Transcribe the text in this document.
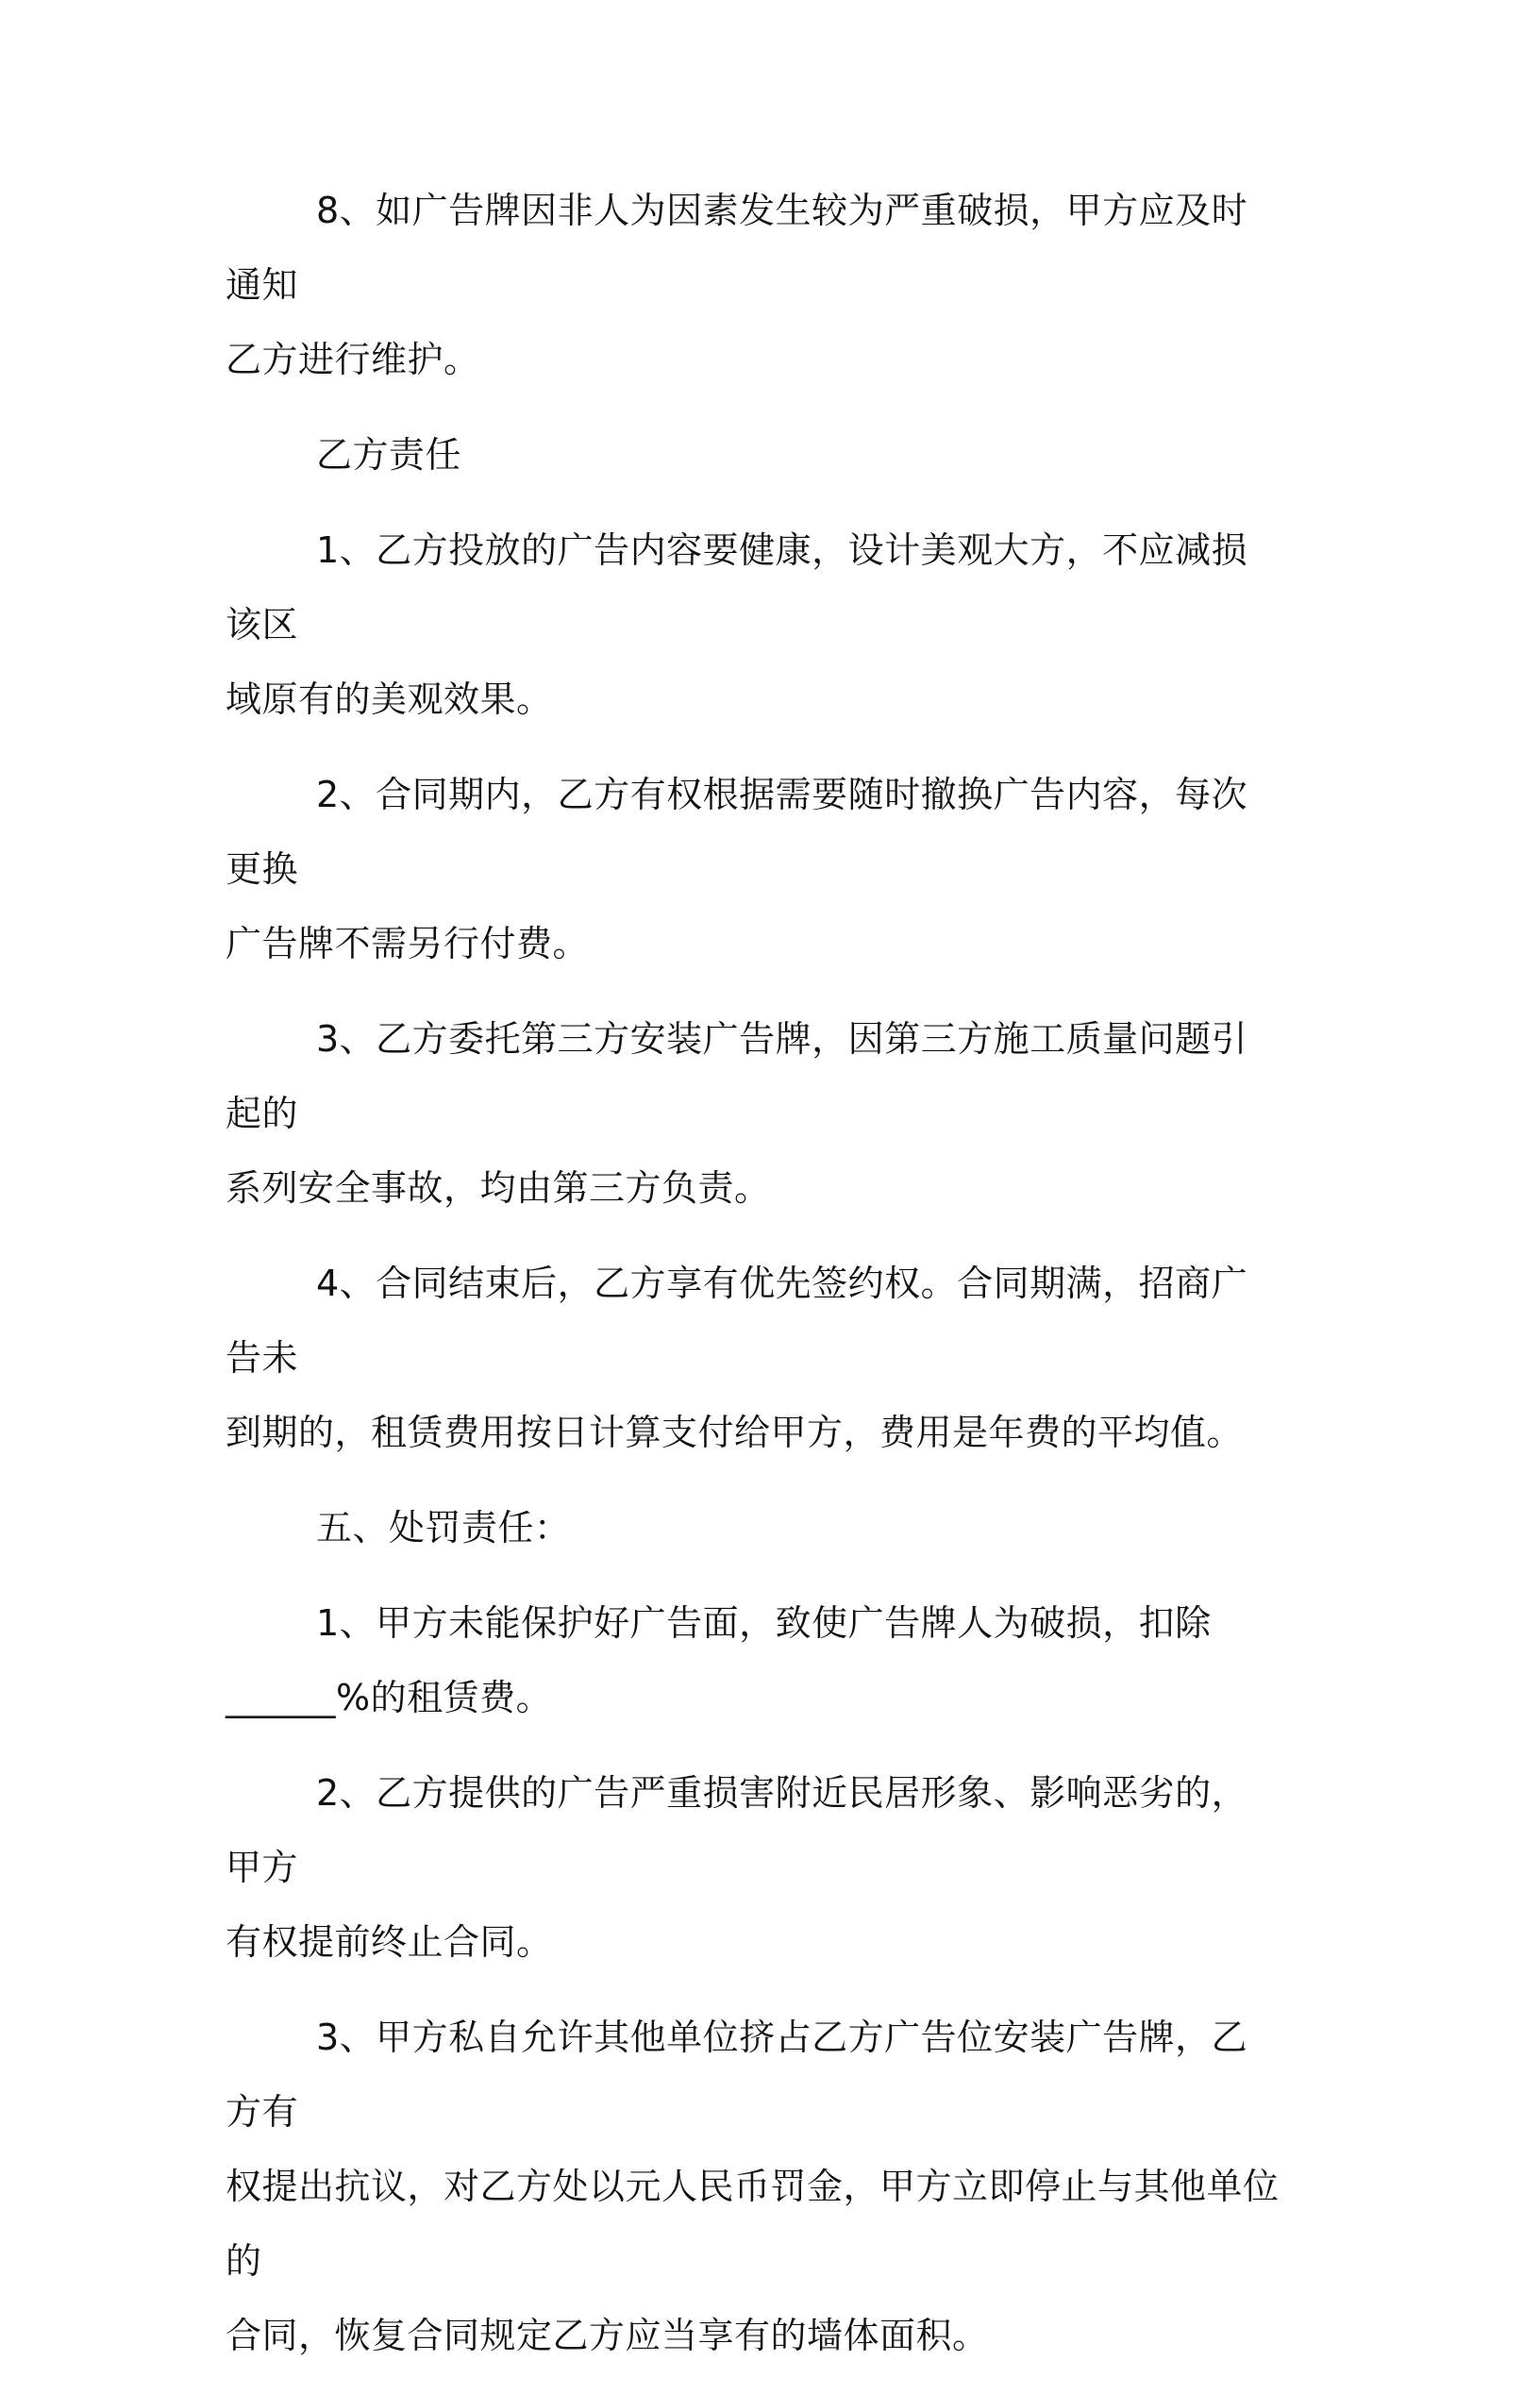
8、如广告牌因非人为因素发生较为严重破损，甲方应及时通知
乙方进行维护。

乙方责任

1、乙方投放的广告内容要健康，设计美观大方，不应减损该区
域原有的美观效果。

2、合同期内，乙方有权根据需要随时撤换广告内容，每次更换
广告牌不需另行付费。

3、乙方委托第三方安装广告牌，因第三方施工质量问题引起的
系列安全事故，均由第三方负责。

4、合同结束后，乙方享有优先签约权。合同期满，招商广告未
到期的，租赁费用按日计算支付给甲方，费用是年费的平均值。

五、处罚责任：

1、甲方未能保护好广告面，致使广告牌人为破损，扣除
______%的租赁费。

2、乙方提供的广告严重损害附近民居形象、影响恶劣的，甲方
有权提前终止合同。

3、甲方私自允许其他单位挤占乙方广告位安装广告牌，乙方有
权提出抗议，对乙方处以元人民币罚金，甲方立即停止与其他单位的
合同，恢复合同规定乙方应当享有的墙体面积。
